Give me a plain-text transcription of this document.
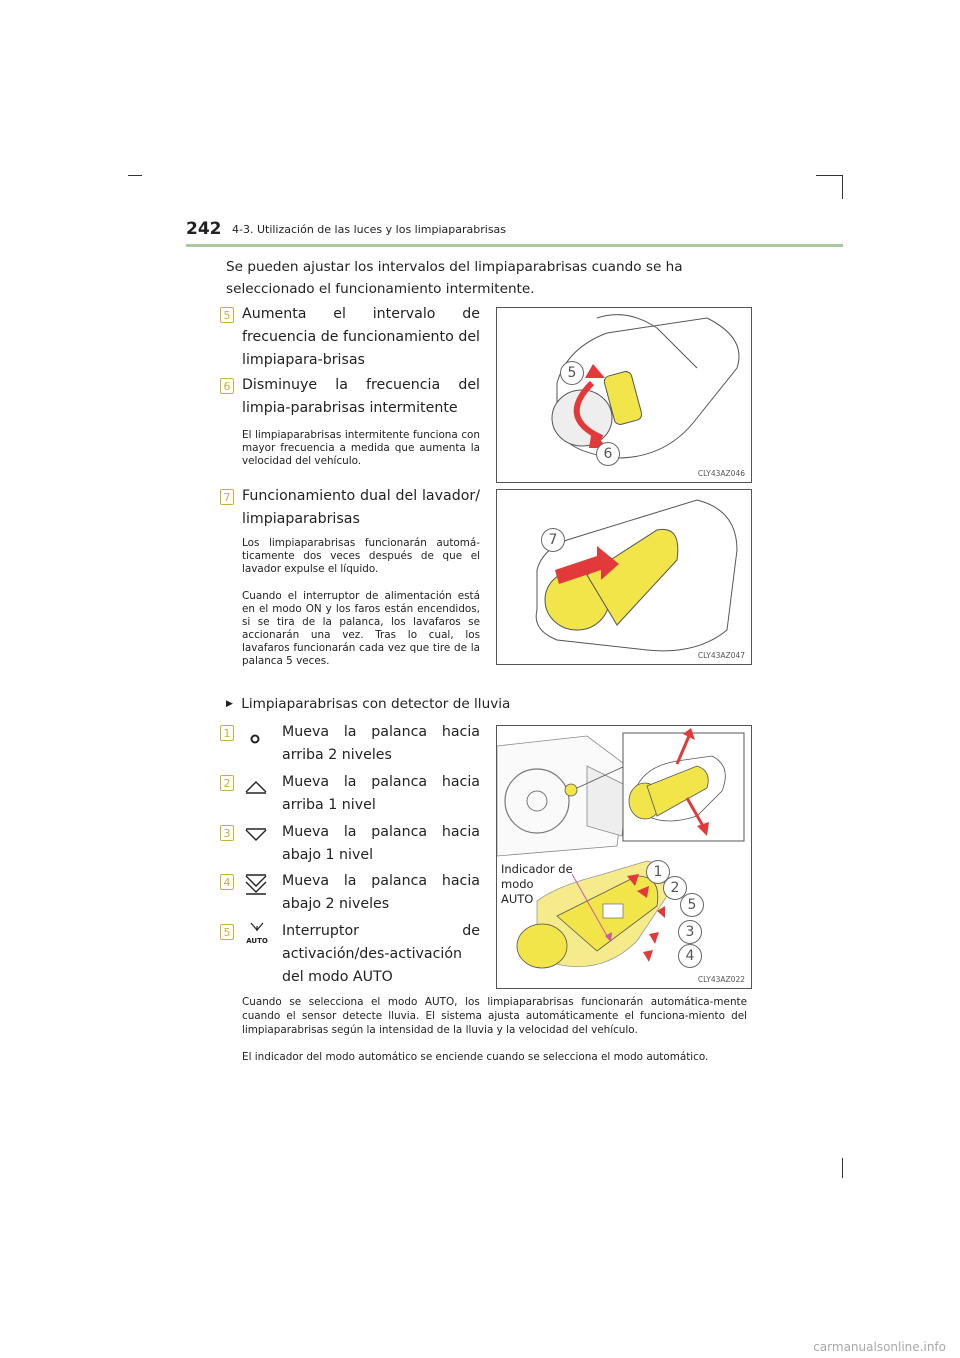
242 4-3. Utilización de las luces y los limpiaparabrisas
Se pueden ajustar los intervalos del limpiaparabrisas cuando se ha seleccionado el funcionamiento intermitente.
5 Aumenta el intervalo de frecuencia de funcionamiento del limpiapara-brisas
6 Disminuye la frecuencia del limpia-parabrisas intermitente
El limpiaparabrisas intermitente funciona con mayor frecuencia a medida que aumenta la velocidad del vehículo.
7 Funcionamiento dual del lavador/ limpiaparabrisas
Los limpiaparabrisas funcionarán automá-ticamente dos veces después de que el lavador expulse el líquido.
Cuando el interruptor de alimentación está en el modo ON y los faros están encendidos, si se tira de la palanca, los lavafaros se accionarán una vez. Tras lo cual, los lavafaros funcionarán cada vez que tire de la palanca 5 veces.
5
6
CLY43AZ046
7
CLY43AZ047
▶ Limpiaparabrisas con detector de lluvia
1	Mueva la palanca hacia arriba 2 niveles
2	Mueva la palanca hacia arriba 1 nivel
3	Mueva la palanca hacia abajo 1 nivel
4	Mueva la palanca hacia abajo 2 niveles
5
AUTO
Interruptor de activación/des-activación del modo AUTO
Indicador de
modo
AUTO
1
2
5
3
4
CLY43AZ022
Cuando se selecciona el modo AUTO, los limpiaparabrisas funcionarán automática-mente cuando el sensor detecte lluvia. El sistema ajusta automáticamente el funciona-miento del limpiaparabrisas según la intensidad de la lluvia y la velocidad del vehículo.
El indicador del modo automático se enciende cuando se selecciona el modo automático.
carmanualsonline.info
